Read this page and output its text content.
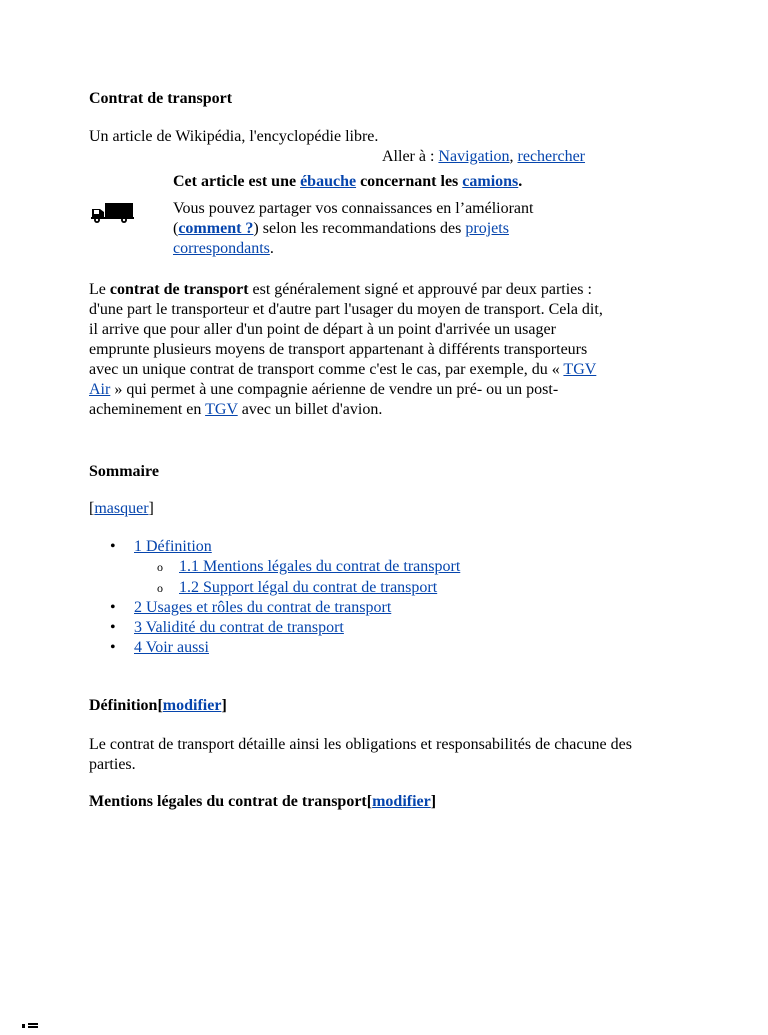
Contrat de transport
Un article de Wikipédia, l'encyclopédie libre.
Aller à : Navigation, rechercher
Cet article est une ébauche concernant les camions.
Vous pouvez partager vos connaissances en l’améliorant (comment ?) selon les recommandations des projets correspondants.
Le contrat de transport est généralement signé et approuvé par deux parties : d'une part le transporteur et d'autre part l'usager du moyen de transport. Cela dit, il arrive que pour aller d'un point de départ à un point d'arrivée un usager emprunte plusieurs moyens de transport appartenant à différents transporteurs avec un unique contrat de transport comme c'est le cas, par exemple, du « TGV Air » qui permet à une compagnie aérienne de vendre un pré- ou un post-acheminement en TGV avec un billet d'avion.
Sommaire
[masquer]
• 1 Définition
o 1.1 Mentions légales du contrat de transport
o 1.2 Support légal du contrat de transport
• 2 Usages et rôles du contrat de transport
• 3 Validité du contrat de transport
• 4 Voir aussi
Définition[modifier]
Le contrat de transport détaille ainsi les obligations et responsabilités de chacune des parties.
Mentions légales du contrat de transport[modifier]
